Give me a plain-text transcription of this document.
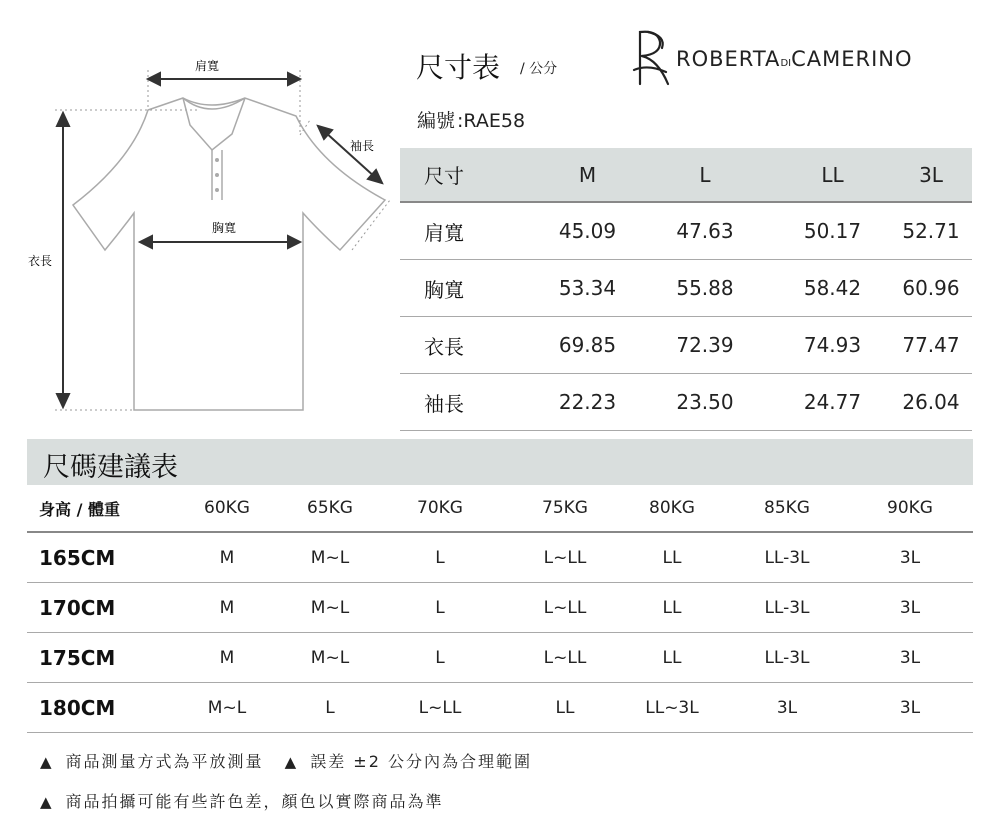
肩寬
袖長
胸寬
衣長
尺寸表 / 公分
編號 :RAE58
ROBERTADICAMERINO
尺寸	M	L	LL	3L
肩寬	45.09	47.63	50.17	52.71
胸寬	53.34	55.88	58.42	60.96
衣長	69.85	72.39	74.93	77.47
袖長	22.23	23.50	24.77	26.04
尺碼建議表
身高 / 體重	60KG	65KG	70KG	75KG	80KG	85KG	90KG
165CM	M	M~L	L	L~LL	LL	LL-3L	3L
170CM	M	M~L	L	L~LL	LL	LL-3L	3L
175CM	M	M~L	L	L~LL	LL	LL-3L	3L
180CM	M~L	L	L~LL	LL	LL~3L	3L	3L
▲ 商品測量方式為平放測量 ▲ 誤差 ±2 公分內為合理範圍
▲ 商品拍攝可能有些許色差，顏色以實際商品為準
